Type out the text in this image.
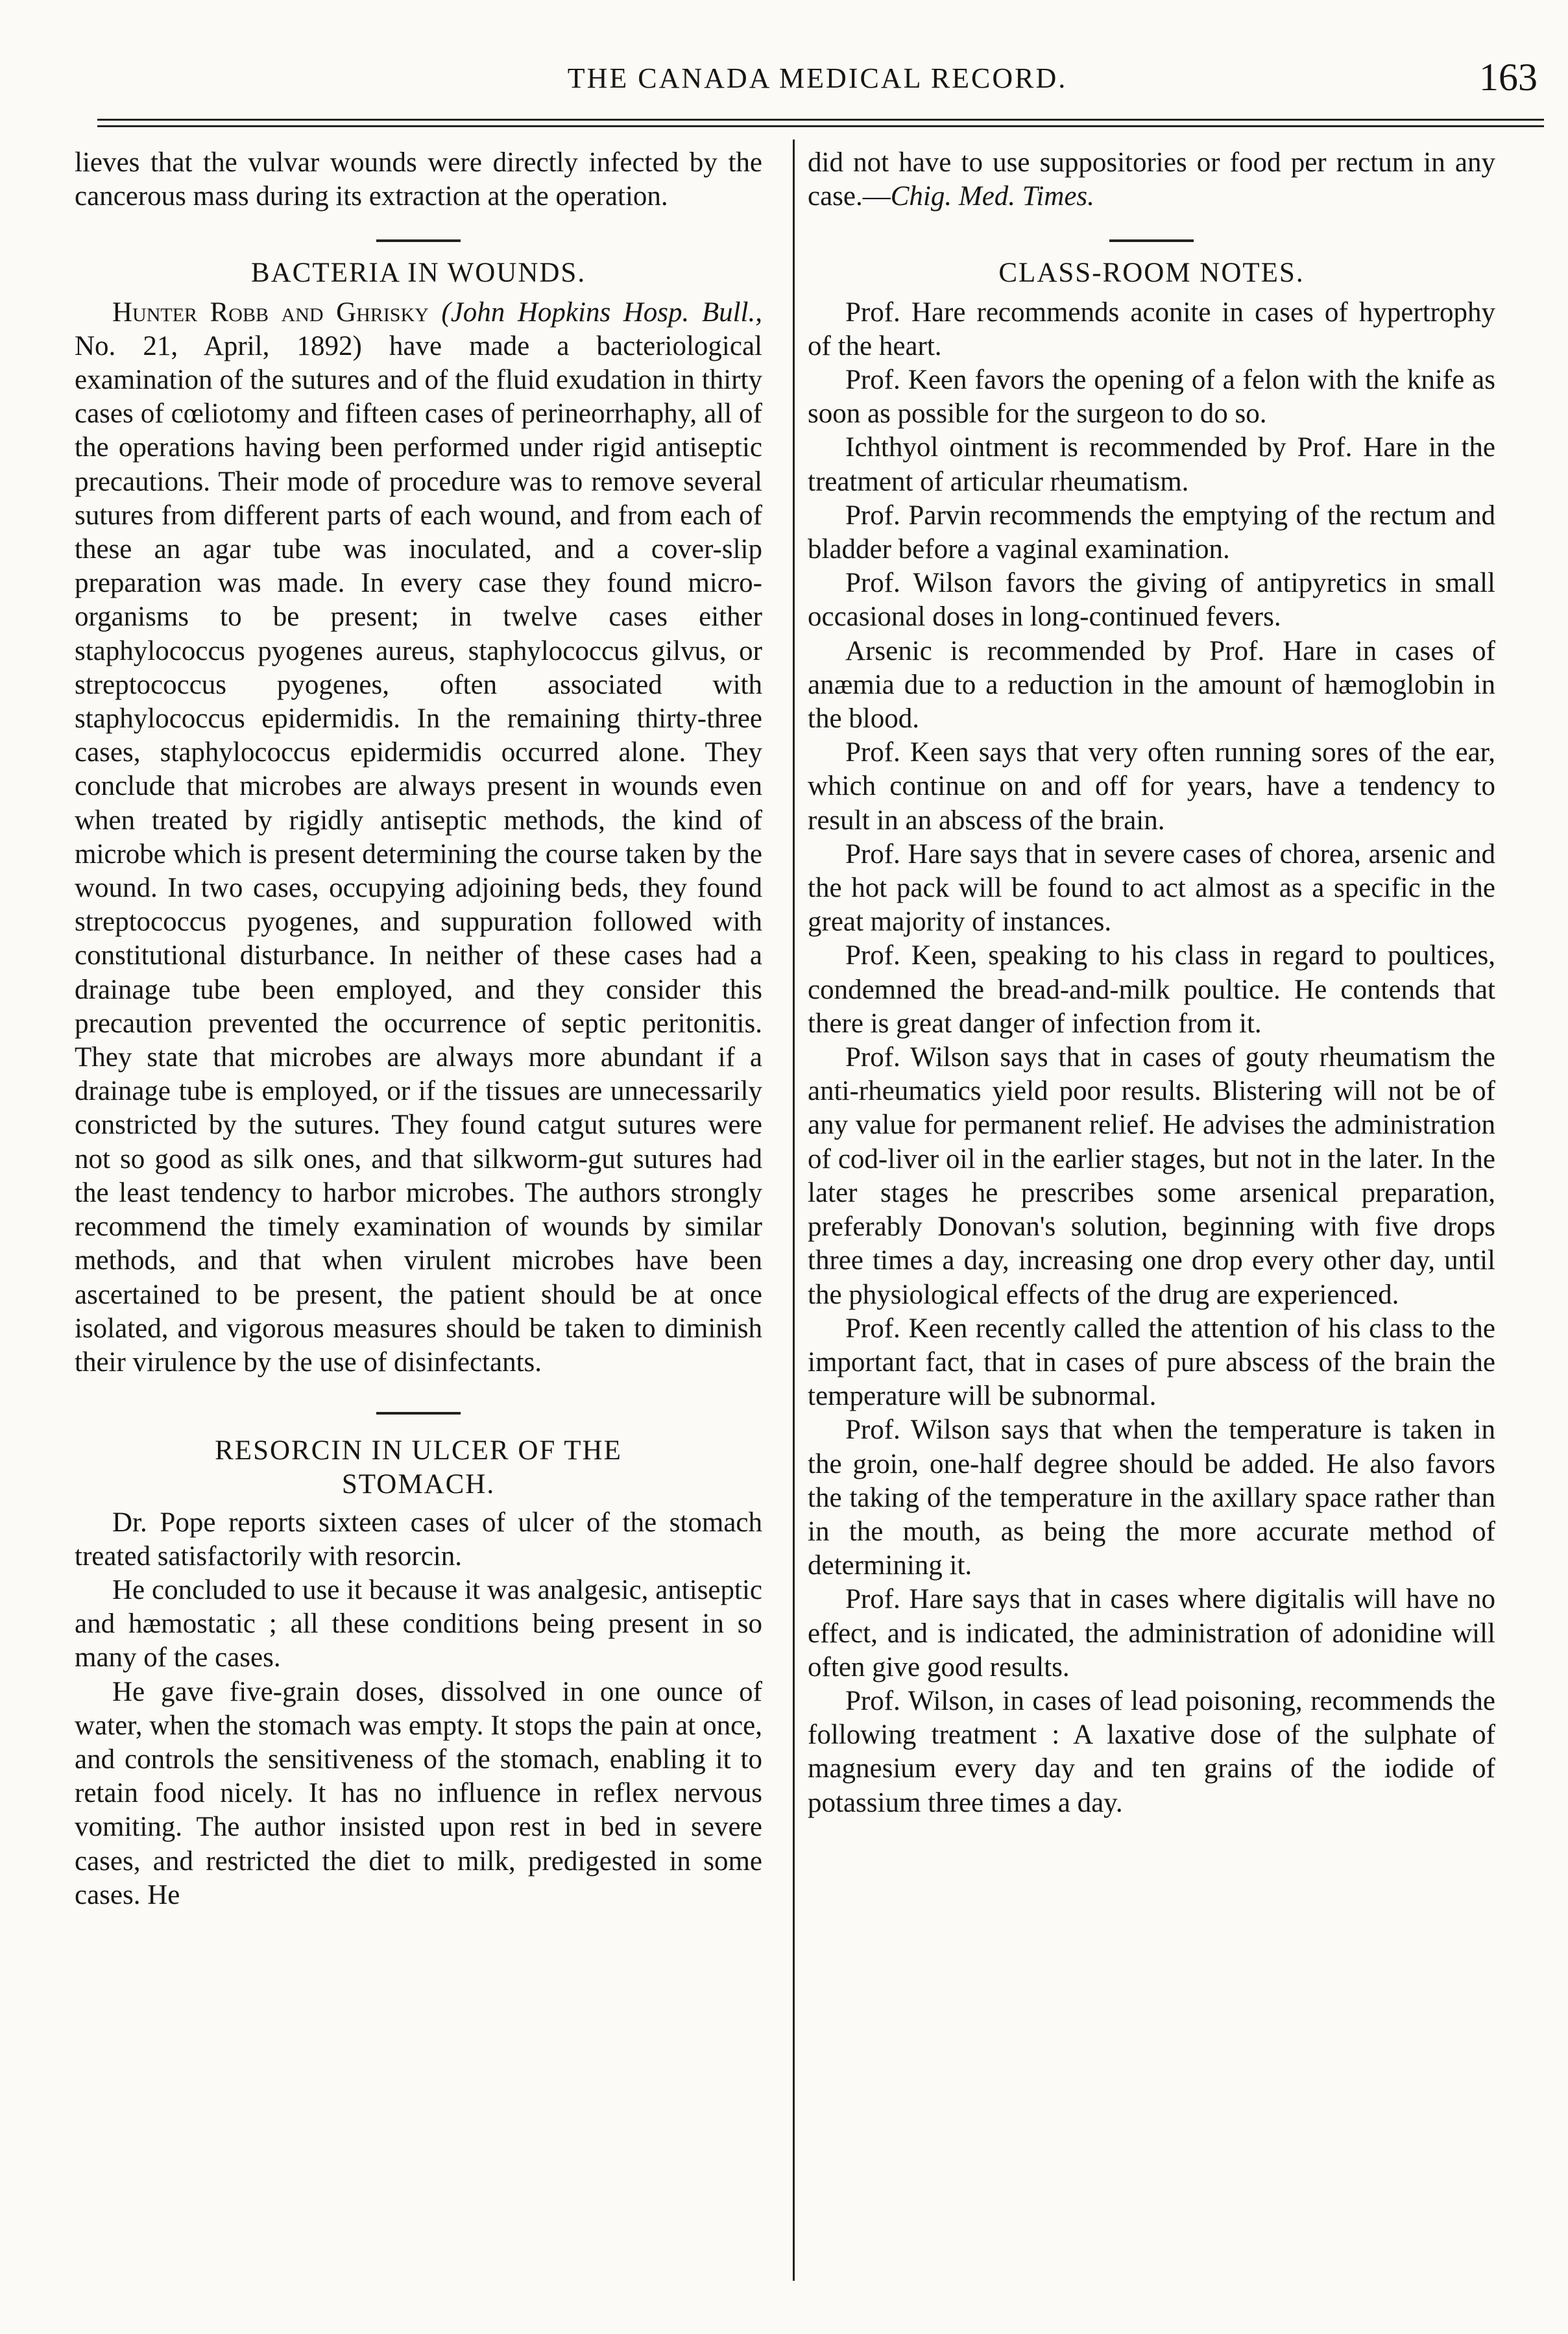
THE CANADA MEDICAL RECORD.	163

lieves that the vulvar wounds were directly infected by the cancerous mass during its extraction at the operation.

BACTERIA IN WOUNDS.

Hunter Robb and Ghrisky (John Hopkins Hosp. Bull., No. 21, April, 1892) have made a bacteriological examination of the sutures and of the fluid exudation in thirty cases of cœliotomy and fifteen cases of perineorrhaphy, all of the operations having been performed under rigid antiseptic precautions. Their mode of procedure was to remove several sutures from different parts of each wound, and from each of these an agar tube was inoculated, and a cover-slip preparation was made. In every case they found micro-organisms to be present; in twelve cases either staphylococcus pyogenes aureus, staphylococcus gilvus, or streptococcus pyogenes, often associated with staphylococcus epidermidis. In the remaining thirty-three cases, staphylococcus epidermidis occurred alone. They conclude that microbes are always present in wounds even when treated by rigidly antiseptic methods, the kind of microbe which is present determining the course taken by the wound. In two cases, occupying adjoining beds, they found streptococcus pyogenes, and suppuration followed with constitutional disturbance. In neither of these cases had a drainage tube been employed, and they consider this precaution prevented the occurrence of septic peritonitis. They state that microbes are always more abundant if a drainage tube is employed, or if the tissues are unnecessarily constricted by the sutures. They found catgut sutures were not so good as silk ones, and that silkworm-gut sutures had the least tendency to harbor microbes. The authors strongly recommend the timely examination of wounds by similar methods, and that when virulent microbes have been ascertained to be present, the patient should be at once isolated, and vigorous measures should be taken to diminish their virulence by the use of disinfectants.

RESORCIN IN ULCER OF THE
STOMACH.

Dr. Pope reports sixteen cases of ulcer of the stomach treated satisfactorily with resorcin.

He concluded to use it because it was analgesic, antiseptic and hæmostatic ; all these conditions being present in so many of the cases.

He gave five-grain doses, dissolved in one ounce of water, when the stomach was empty. It stops the pain at once, and controls the sensitiveness of the stomach, enabling it to retain food nicely. It has no influence in reflex nervous vomiting. The author insisted upon rest in bed in severe cases, and restricted the diet to milk, predigested in some cases. He

did not have to use suppositories or food per rectum in any case.—Chig. Med. Times.

CLASS-ROOM NOTES.

Prof. Hare recommends aconite in cases of hypertrophy of the heart.

Prof. Keen favors the opening of a felon with the knife as soon as possible for the surgeon to do so.

Ichthyol ointment is recommended by Prof. Hare in the treatment of articular rheumatism.

Prof. Parvin recommends the emptying of the rectum and bladder before a vaginal examination.

Prof. Wilson favors the giving of antipyretics in small occasional doses in long-continued fevers.

Arsenic is recommended by Prof. Hare in cases of anæmia due to a reduction in the amount of hæmoglobin in the blood.

Prof. Keen says that very often running sores of the ear, which continue on and off for years, have a tendency to result in an abscess of the brain.

Prof. Hare says that in severe cases of chorea, arsenic and the hot pack will be found to act almost as a specific in the great majority of instances.

Prof. Keen, speaking to his class in regard to poultices, condemned the bread-and-milk poultice. He contends that there is great danger of infection from it.

Prof. Wilson says that in cases of gouty rheumatism the anti-rheumatics yield poor results. Blistering will not be of any value for permanent relief. He advises the administration of cod-liver oil in the earlier stages, but not in the later. In the later stages he prescribes some arsenical preparation, preferably Donovan's solution, beginning with five drops three times a day, increasing one drop every other day, until the physiological effects of the drug are experienced.

Prof. Keen recently called the attention of his class to the important fact, that in cases of pure abscess of the brain the temperature will be subnormal.

Prof. Wilson says that when the temperature is taken in the groin, one-half degree should be added. He also favors the taking of the temperature in the axillary space rather than in the mouth, as being the more accurate method of determining it.

Prof. Hare says that in cases where digitalis will have no effect, and is indicated, the administration of adonidine will often give good results.

Prof. Wilson, in cases of lead poisoning, recommends the following treatment : A laxative dose of the sulphate of magnesium every day and ten grains of the iodide of potassium three times a day.
